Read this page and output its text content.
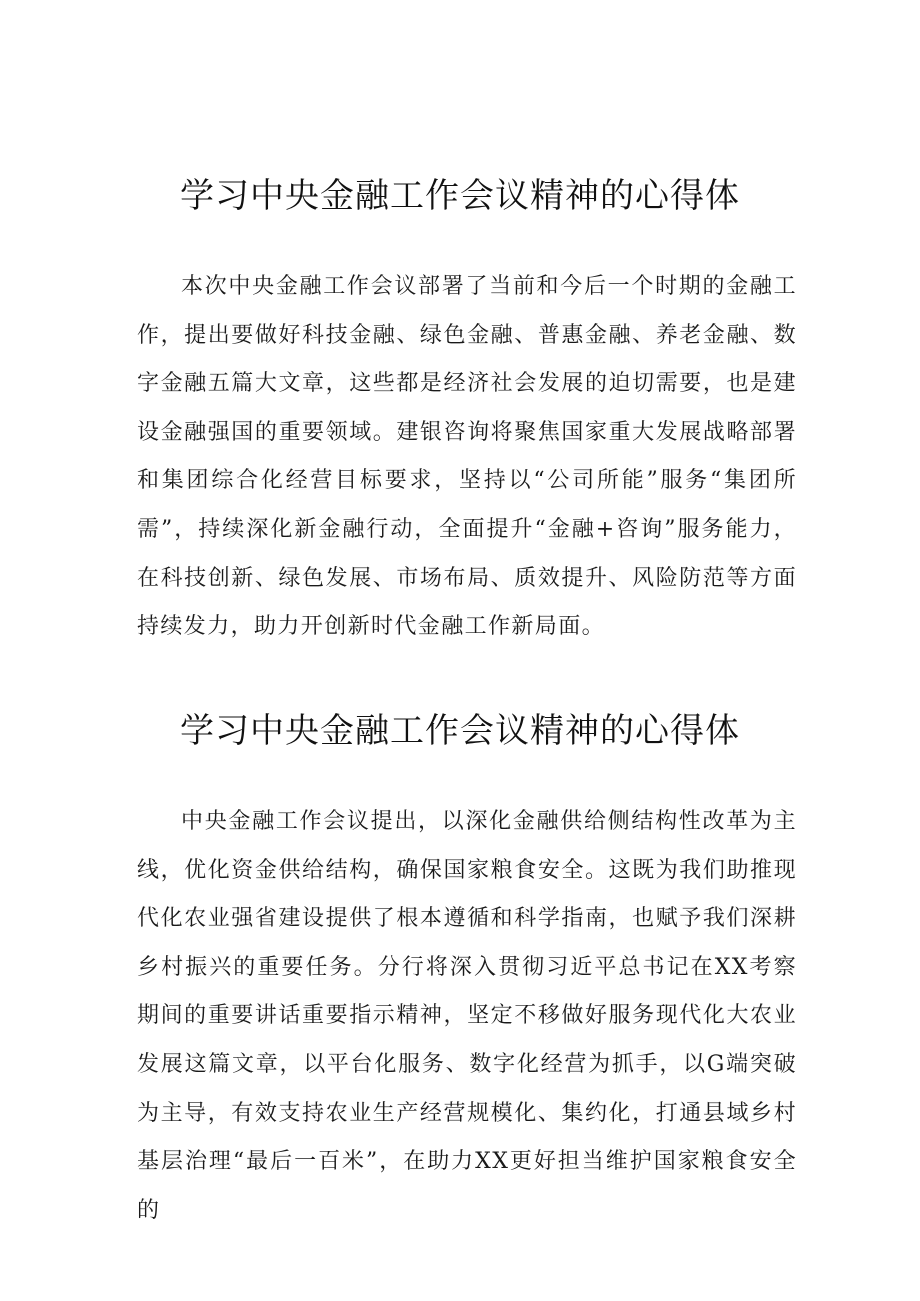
学习中央金融工作会议精神的心得体

本次中央金融工作会议部署了当前和今后一个时期的金融工作，提出要做好科技金融、绿色金融、普惠金融、养老金融、数字金融五篇大文章，这些都是经济社会发展的迫切需要，也是建设金融强国的重要领域。建银咨询将聚焦国家重大发展战略部署和集团综合化经营目标要求，坚持以“公司所能”服务“集团所需”，持续深化新金融行动，全面提升“金融+咨询”服务能力，在科技创新、绿色发展、市场布局、质效提升、风险防范等方面持续发力，助力开创新时代金融工作新局面。

学习中央金融工作会议精神的心得体

中央金融工作会议提出，以深化金融供给侧结构性改革为主线，优化资金供给结构，确保国家粮食安全。这既为我们助推现代化农业强省建设提供了根本遵循和科学指南，也赋予我们深耕乡村振兴的重要任务。分行将深入贯彻习近平总书记在XX考察期间的重要讲话重要指示精神，坚定不移做好服务现代化大农业发展这篇文章，以平台化服务、数字化经营为抓手，以G端突破为主导，有效支持农业生产经营规模化、集约化，打通县域乡村基层治理“最后一百米”，在助力XX更好担当维护国家粮食安全的
